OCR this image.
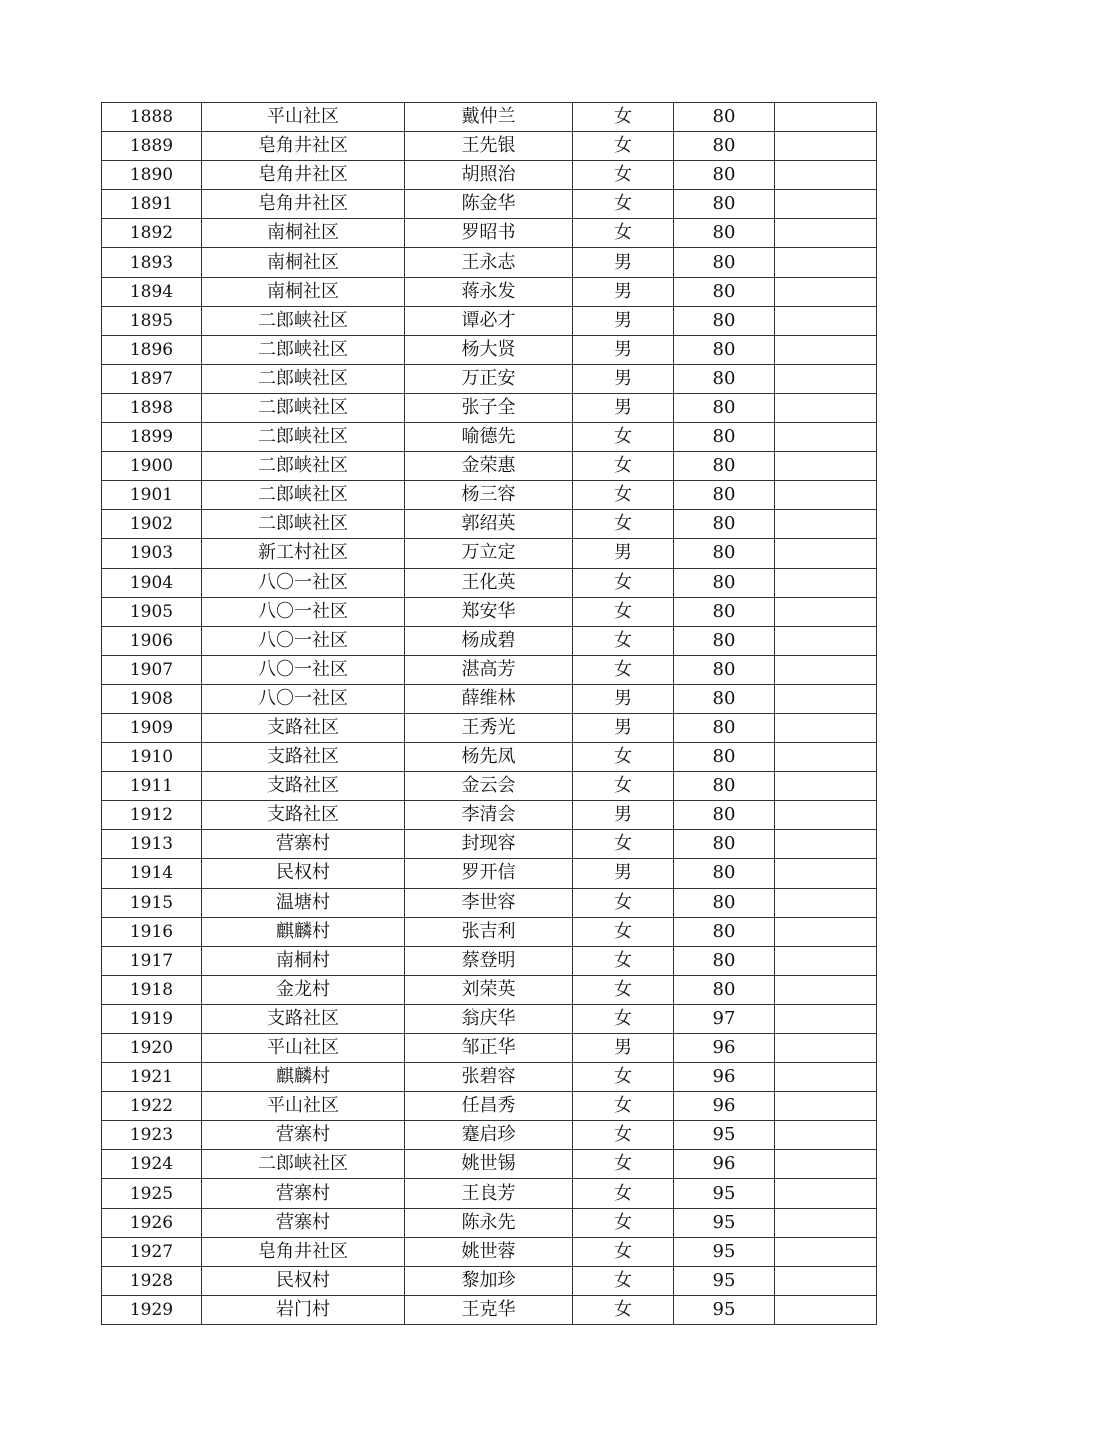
1888	平山社区	戴仲兰	女	80	
1889	皂角井社区	王先银	女	80	
1890	皂角井社区	胡照治	女	80	
1891	皂角井社区	陈金华	女	80	
1892	南桐社区	罗昭书	女	80	
1893	南桐社区	王永志	男	80	
1894	南桐社区	蒋永发	男	80	
1895	二郎峡社区	谭必才	男	80	
1896	二郎峡社区	杨大贤	男	80	
1897	二郎峡社区	万正安	男	80	
1898	二郎峡社区	张子全	男	80	
1899	二郎峡社区	喻德先	女	80	
1900	二郎峡社区	金荣惠	女	80	
1901	二郎峡社区	杨三容	女	80	
1902	二郎峡社区	郭绍英	女	80	
1903	新工村社区	万立定	男	80	
1904	八〇一社区	王化英	女	80	
1905	八〇一社区	郑安华	女	80	
1906	八〇一社区	杨成碧	女	80	
1907	八〇一社区	湛高芳	女	80	
1908	八〇一社区	薛维林	男	80	
1909	支路社区	王秀光	男	80	
1910	支路社区	杨先凤	女	80	
1911	支路社区	金云会	女	80	
1912	支路社区	李清会	男	80	
1913	营寨村	封现容	女	80	
1914	民权村	罗开信	男	80	
1915	温塘村	李世容	女	80	
1916	麒麟村	张吉利	女	80	
1917	南桐村	蔡登明	女	80	
1918	金龙村	刘荣英	女	80	
1919	支路社区	翁庆华	女	97	
1920	平山社区	邹正华	男	96	
1921	麒麟村	张碧容	女	96	
1922	平山社区	任昌秀	女	96	
1923	营寨村	蹇启珍	女	95	
1924	二郎峡社区	姚世锡	女	96	
1925	营寨村	王良芳	女	95	
1926	营寨村	陈永先	女	95	
1927	皂角井社区	姚世蓉	女	95	
1928	民权村	黎加珍	女	95	
1929	岩门村	王克华	女	95	
